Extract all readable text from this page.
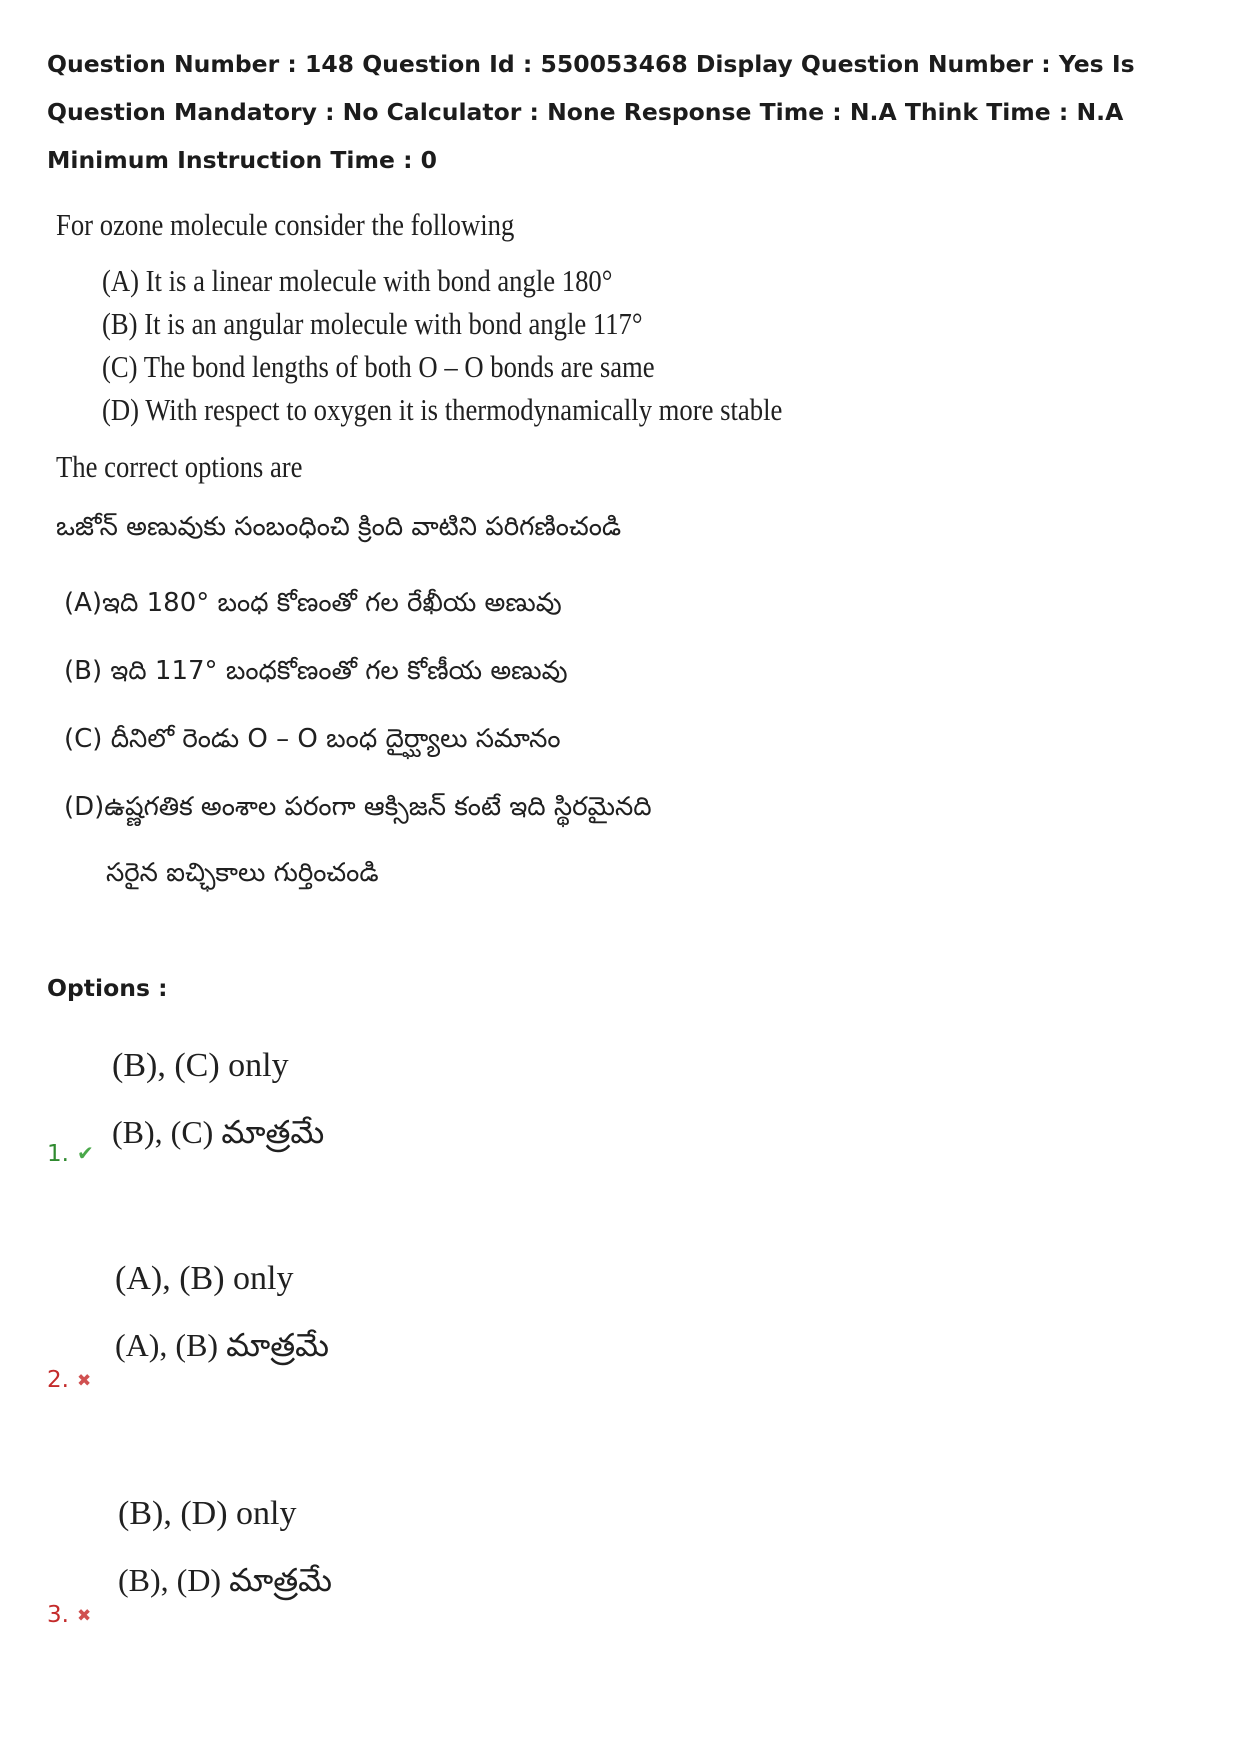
Question Number : 148 Question Id : 550053468 Display Question Number : Yes Is Question Mandatory : No Calculator : None Response Time : N.A Think Time : N.A Minimum Instruction Time : 0
For ozone molecule consider the following
(A) It is a linear molecule with bond angle 180°
(B) It is an angular molecule with bond angle 117°
(C) The bond lengths of both O – O bonds are same
(D) With respect to oxygen it is thermodynamically more stable
The correct options are
ఒజోన్ అణువుకు సంబంధించి క్రింది వాటిని పరిగణించండి
(A)ఇది 180° బంధ కోణంతో గల రేఖీయ అణువు
(B) ఇది 117° బంధకోణంతో గల కోణీయ అణువు
(C) దీనిలో రెండు O – O బంధ దైర్ఘ్యాలు సమానం
(D)ఉష్ణగతిక అంశాల పరంగా ఆక్సిజన్ కంటే ఇది స్థిరమైనది
సరైన ఐచ్ఛికాలు గుర్తించండి
Options :
(B), (C) only
(B), (C) మాత్రమే
1. ✔
(A), (B) only
(A), (B) మాత్రమే
2. ✖
(B), (D) only
(B), (D) మాత్రమే
3. ✖
